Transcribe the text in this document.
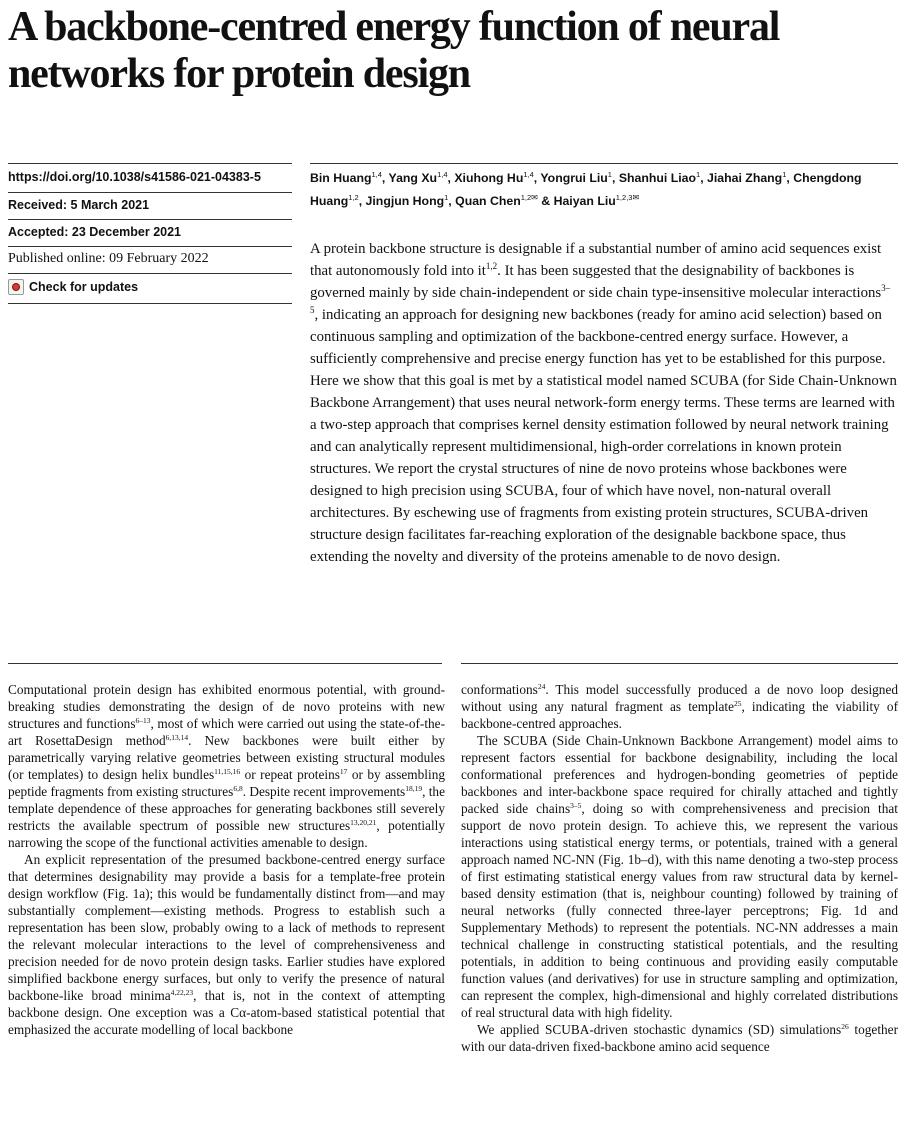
A backbone-centred energy function of neural networks for protein design
https://doi.org/10.1038/s41586-021-04383-5
Received: 5 March 2021
Accepted: 23 December 2021
Published online: 09 February 2022
Check for updates
Bin Huang$^{1,4}$, Yang Xu$^{1,4}$, Xiuhong Hu$^{1,4}$, Yongrui Liu$^1$, Shanhui Liao$^1$, Jiahai Zhang$^1$, Chengdong Huang$^{1,2}$, Jingjun Hong$^1$, Quan Chen$^{1,2✉}$ & Haiyan Liu$^{1,2,3✉}$

A protein backbone structure is designable if a substantial number of amino acid sequences exist that autonomously fold into it$^{1,2}$. It has been suggested that the designability of backbones is governed mainly by side chain-independent or side chain type-insensitive molecular interactions$^{3-5}$, indicating an approach for designing new backbones (ready for amino acid selection) based on continuous sampling and optimization of the backbone-centred energy surface. However, a sufficiently comprehensive and precise energy function has yet to be established for this purpose. Here we show that this goal is met by a statistical model named SCUBA (for Side Chain-Unknown Backbone Arrangement) that uses neural network-form energy terms. These terms are learned with a two-step approach that comprises kernel density estimation followed by neural network training and can analytically represent multidimensional, high-order correlations in known protein structures. We report the crystal structures of nine de novo proteins whose backbones were designed to high precision using SCUBA, four of which have novel, non-natural overall architectures. By eschewing use of fragments from existing protein structures, SCUBA-driven structure design facilitates far-reaching exploration of the designable backbone space, thus extending the novelty and diversity of the proteins amenable to de novo design.

Computational protein design has exhibited enormous potential, with ground-breaking studies demonstrating the design of de novo proteins with new structures and functions$^{6-13}$, most of which were carried out using the state-of-the-art RosettaDesign method$^{6,13,14}$. New backbones were built either by parametrically varying relative geometries between existing structural modules (or templates) to design helix bundles$^{11,15,16}$ or repeat proteins$^{17}$ or by assembling peptide fragments from existing structures$^{6,8}$. Despite recent improvements$^{18,19}$, the template dependence of these approaches for generating backbones still severely restricts the available spectrum of possible new structures$^{13,20,21}$, potentially narrowing the scope of the functional activities amenable to design.

An explicit representation of the presumed backbone-centred energy surface that determines designability may provide a basis for a template-free protein design workflow (Fig. 1a); this would be fundamentally distinct from—and may substantially complement—existing methods. Progress to establish such a representation has been slow, probably owing to a lack of methods to represent the relevant molecular interactions to the level of comprehensiveness and precision needed for de novo protein design tasks. Earlier studies have explored simplified backbone energy surfaces, but only to verify the presence of natural backbone-like broad minima$^{4,22,23}$, that is, not in the context of attempting backbone design. One exception was a Cα-atom-based statistical potential that emphasized the accurate modelling of local backbone

conformations$^{24}$. This model successfully produced a de novo loop designed without using any natural fragment as template$^{25}$, indicating the viability of backbone-centred approaches.

The SCUBA (Side Chain-Unknown Backbone Arrangement) model aims to represent factors essential for backbone designability, including the local conformational preferences and hydrogen-bonding geometries of peptide backbones and inter-backbone space required for chirally attached and tightly packed side chains$^{3-5}$, doing so with comprehensiveness and precision that support de novo protein design. To achieve this, we represent the various interactions using statistical energy terms, or potentials, trained with a general approach named NC-NN (Fig. 1b–d), with this name denoting a two-step process of first estimating statistical energy values from raw structural data by kernel-based density estimation (that is, neighbour counting) followed by training of neural networks (fully connected three-layer perceptrons; Fig. 1d and Supplementary Methods) to represent the potentials. NC-NN addresses a main technical challenge in constructing statistical potentials, and the resulting potentials, in addition to being continuous and providing easily computable function values (and derivatives) for use in structure sampling and optimization, can represent the complex, high-dimensional and highly correlated distributions of real structural data with high fidelity.

We applied SCUBA-driven stochastic dynamics (SD) simulations$^{26}$ together with our data-driven fixed-backbone amino acid sequence
